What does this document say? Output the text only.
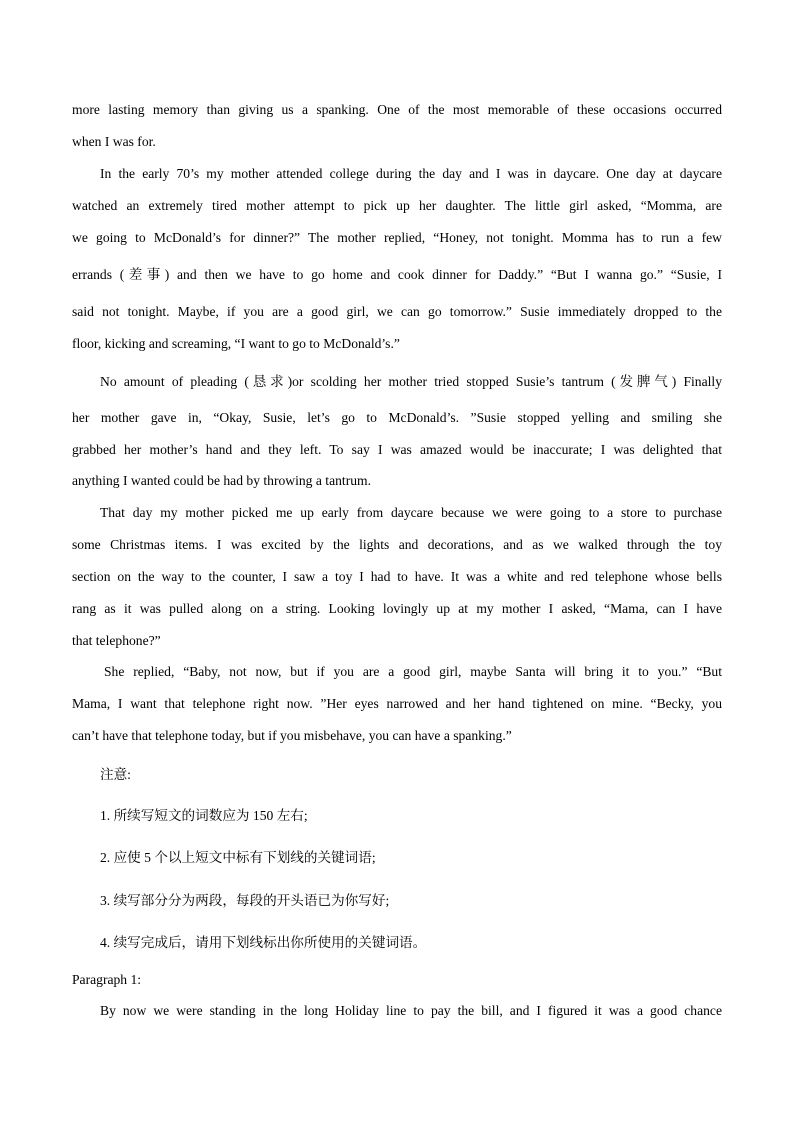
more lasting memory than giving us a spanking. One of the most memorable of these occasions occurred
when I was for.
In the early 70’s my mother attended college during the day and I was in daycare. One day at daycare
watched an extremely tired mother attempt to pick up her daughter. The little girl asked, “Momma, are
we going to McDonald’s for dinner?” The mother replied, “Honey, not tonight. Momma has to run a few
errands (差事) and then we have to go home and cook dinner for Daddy.” “But I wanna go.” “Susie, I
said not tonight. Maybe, if you are a good girl, we can go tomorrow.” Susie immediately dropped to the
floor, kicking and screaming, “I want to go to McDonald’s.”
No amount of pleading (恳求)or scolding her mother tried stopped Susie’s tantrum (发脾气) Finally
her mother gave in, “Okay, Susie, let’s go to McDonald’s. ”Susie stopped yelling and smiling she
grabbed her mother’s hand and they left. To say I was amazed would be inaccurate; I was delighted that
anything I wanted could be had by throwing a tantrum.
That day my mother picked me up early from daycare because we were going to a store to purchase
some Christmas items. I was excited by the lights and decorations, and as we walked through the toy
section on the way to the counter, I saw a toy I had to have. It was a white and red telephone whose bells
rang as it was pulled along on a string. Looking lovingly up at my mother I asked, “Mama, can I have
that telephone?”
She replied, “Baby, not now, but if you are a good girl, maybe Santa will bring it to you.” “But
Mama, I want that telephone right now. ”Her eyes narrowed and her hand tightened on mine. “Becky, you
can’t have that telephone today, but if you misbehave, you can have a spanking.”
注意:
1. 所续写短文的词数应为 150 左右;
2. 应使 5 个以上短文中标有下划线的关键词语;
3. 续写部分分为两段，每段的开头语已为你写好;
4. 续写完成后，请用下划线标出你所使用的关键词语。
Paragraph 1:
By now we were standing in the long Holiday line to pay the bill, and I figured it was a good chance
